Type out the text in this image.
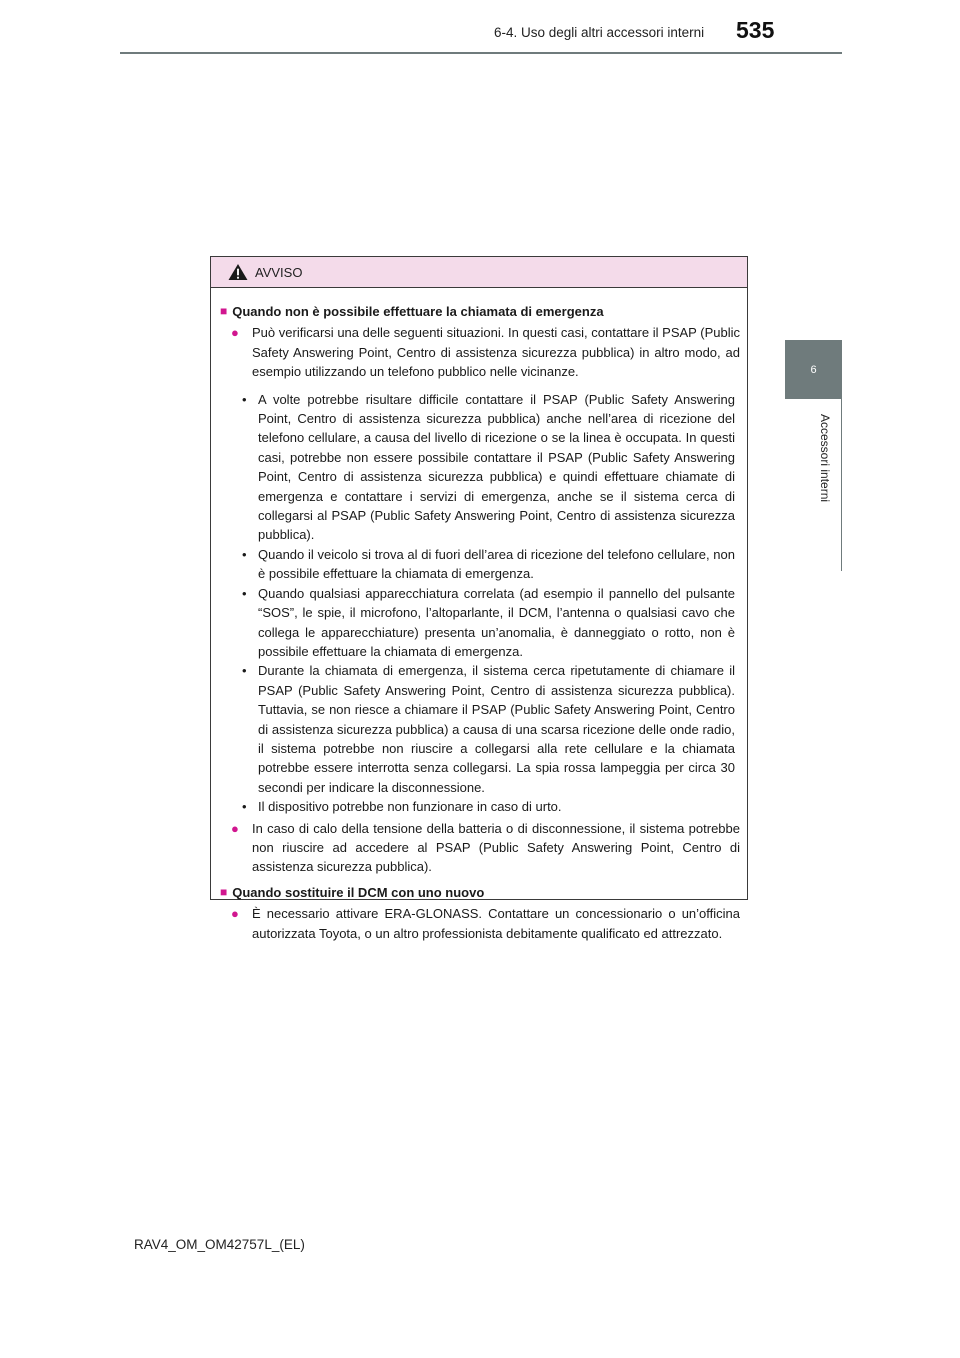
6-4. Uso degli altri accessori interni 535
6
Accessori interni
AVVISO
■ Quando non è possibile effettuare la chiamata di emergenza
●	Può verificarsi una delle seguenti situazioni. In questi casi, contattare il PSAP (Public Safety Answering Point, Centro di assistenza sicurezza pubblica) in altro modo, ad esempio utilizzando un telefono pubblico nelle vicinanze.
• A volte potrebbe risultare difficile contattare il PSAP (Public Safety Answering Point, Centro di assistenza sicurezza pubblica) anche nell’area di ricezione del telefono cellulare, a causa del livello di ricezione o se la linea è occupata. In questi casi, potrebbe non essere possibile contattare il PSAP (Public Safety Answering Point, Centro di assistenza sicurezza pubblica) e quindi effettuare chiamate di emergenza e contattare i servizi di emergenza, anche se il sistema cerca di collegarsi al PSAP (Public Safety Answering Point, Centro di assistenza sicurezza pubblica).
• Quando il veicolo si trova al di fuori dell’area di ricezione del telefono cellulare, non è possibile effettuare la chiamata di emergenza.
• Quando qualsiasi apparecchiatura correlata (ad esempio il pannello del pulsante “SOS”, le spie, il microfono, l’altoparlante, il DCM, l’antenna o qualsiasi cavo che collega le apparecchiature) presenta un’anomalia, è danneggiato o rotto, non è possibile effettuare la chiamata di emergenza.
• Durante la chiamata di emergenza, il sistema cerca ripetutamente di chiamare il PSAP (Public Safety Answering Point, Centro di assistenza sicurezza pubblica). Tuttavia, se non riesce a chiamare il PSAP (Public Safety Answering Point, Centro di assistenza sicurezza pubblica) a causa di una scarsa ricezione delle onde radio, il sistema potrebbe non riuscire a collegarsi alla rete cellulare e la chiamata potrebbe essere interrotta senza collegarsi. La spia rossa lampeggia per circa 30 secondi per indicare la disconnessione.
• Il dispositivo potrebbe non funzionare in caso di urto.
●	In caso di calo della tensione della batteria o di disconnessione, il sistema potrebbe non riuscire ad accedere al PSAP (Public Safety Answering Point, Centro di assistenza sicurezza pubblica).
■ Quando sostituire il DCM con uno nuovo
●	È necessario attivare ERA-GLONASS. Contattare un concessionario o un’officina autorizzata Toyota, o un altro professionista debitamente qualificato ed attrezzato.
RAV4_OM_OM42757L_(EL)
